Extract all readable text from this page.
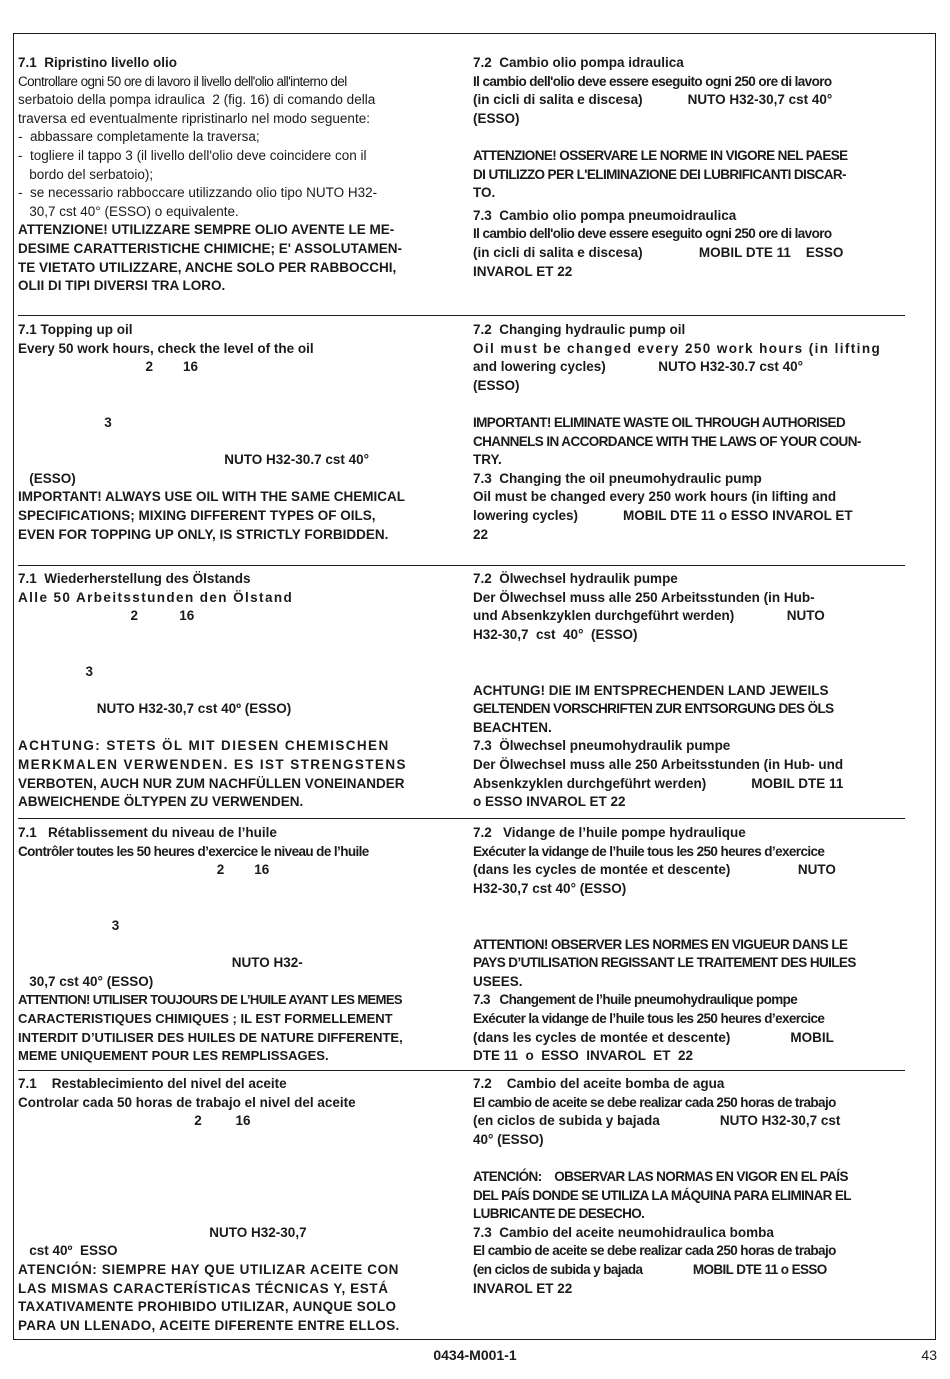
7.1  Ripristino livello olio
Controllare ogni 50 ore di lavoro il livello dell'olio all'interno del
serbatoio della pompa idraulica  2 (fig. 16) di comando della
traversa ed eventualmente ripristinarlo nel modo seguente:
-  abbassare completamente la traversa;
-  togliere il tappo 3 (il livello dell'olio deve coincidere con il
bordo del serbatoio);
-  se necessario rabboccare utilizzando olio tipo NUTO H32-
30,7 cst 40° (ESSO) o equivalente.
ATTENZIONE! UTILIZZARE SEMPRE OLIO AVENTE LE ME-
DESIME CARATTERISTICHE CHIMICHE; E' ASSOLUTAMEN-
TE VIETATO UTILIZZARE, ANCHE SOLO PER RABBOCCHI,
OLII DI TIPI DIVERSI TRA LORO.
7.2  Cambio olio pompa idraulica
Il cambio dell'olio deve essere eseguito ogni 250 ore di lavoro
(in cicli di salita e discesa)            NUTO H32-30,7 cst 40°
(ESSO)
ATTENZIONE! OSSERVARE LE NORME IN VIGORE NEL PAESE
DI UTILIZZO PER L'ELIMINAZIONE DEI LUBRIFICANTI DISCAR-
TO.
7.3  Cambio olio pompa pneumoidraulica
Il cambio dell'olio deve essere eseguito ogni 250 ore di lavoro
(in cicli di salita e discesa)               MOBIL DTE 11    ESSO
INVAROL ET 22
7.1 Topping up oil
Every 50 work hours, check the level of the oil
2        16
3
NUTO H32-30.7 cst 40°
(ESSO)
IMPORTANT! ALWAYS USE OIL WITH THE SAME CHEMICAL
SPECIFICATIONS; MIXING DIFFERENT TYPES OF OILS,
EVEN FOR TOPPING UP ONLY, IS STRICTLY FORBIDDEN.
7.2  Changing hydraulic pump oil
Oil must be changed every 250 work hours (in lifting
and lowering cycles)              NUTO H32-30.7 cst 40°
(ESSO)
IMPORTANT! ELIMINATE WASTE OIL THROUGH AUTHORISED
CHANNELS IN ACCORDANCE WITH THE LAWS OF YOUR COUN-
TRY.
7.3  Changing the oil pneumohydraulic pump
Oil must be changed every 250 work hours (in lifting and
lowering cycles)            MOBIL DTE 11 o ESSO INVAROL ET
22
7.1  Wiederherstellung des Ölstands
Alle 50 Arbeitsstunden den Ölstand
2           16
3
NUTO H32-30,7 cst 40º (ESSO)
ACHTUNG: STETS ÖL MIT DIESEN CHEMISCHEN
MERKMALEN VERWENDEN. ES IST STRENGSTENS
VERBOTEN, AUCH NUR ZUM NACHFÜLLEN VONEINANDER
ABWEICHENDE ÖLTYPEN ZU VERWENDEN.
7.2  Ölwechsel hydraulik pumpe
Der Ölwechsel muss alle 250 Arbeitsstunden (in Hub-
und Absenkzyklen durchgeführt werden)              NUTO
H32-30,7  cst  40°  (ESSO)
ACHTUNG! DIE IM ENTSPRECHENDEN LAND JEWEILS
GELTENDEN VORSCHRIFTEN ZUR ENTSORGUNG DES ÖLS
BEACHTEN.
7.3  Ölwechsel pneumohydraulik pumpe
Der Ölwechsel muss alle 250 Arbeitsstunden (in Hub- und
Absenkzyklen durchgeführt werden)            MOBIL DTE 11
o ESSO INVAROL ET 22
7.1   Rétablissement du niveau de l’huile
Contrôler toutes les 50 heures d’exercice le niveau de l’huile
2        16
3
NUTO H32-
30,7 cst 40° (ESSO)
ATTENTION! UTILISER TOUJOURS DE L’HUILE AYANT LES MEMES
CARACTERISTIQUES CHIMIQUES ; IL EST FORMELLEMENT
INTERDIT D’UTILISER DES HUILES DE NATURE DIFFERENTE,
MEME UNIQUEMENT POUR LES REMPLISSAGES.
7.2   Vidange de l’huile pompe hydraulique
Exécuter la vidange de l’huile tous les 250 heures d’exercice
(dans les cycles de montée et descente)                  NUTO
H32-30,7 cst 40° (ESSO)
ATTENTION! OBSERVER LES NORMES EN VIGUEUR DANS LE
PAYS D’UTILISATION REGISSANT LE TRAITEMENT DES HUILES
USEES.
7.3   Changement de l’huile pneumohydraulique pompe
Exécuter la vidange de l’huile tous les 250 heures d’exercice
(dans les cycles de montée et descente)                MOBIL
DTE 11  o  ESSO  INVAROL  ET  22
7.1    Restablecimiento del nivel del aceite
Controlar cada 50 horas de trabajo el nivel del aceite
2         16
NUTO H32-30,7
cst 40º  ESSO
ATENCIÓN: SIEMPRE HAY QUE UTILIZAR ACEITE CON
LAS MISMAS CARACTERÍSTICAS TÉCNICAS Y, ESTÁ
TAXATIVAMENTE PROHIBIDO UTILIZAR, AUNQUE SOLO
PARA UN LLENADO, ACEITE DIFERENTE ENTRE ELLOS.
7.2    Cambio del aceite bomba de agua
El cambio de aceite se debe realizar cada 250 horas de trabajo
(en ciclos de subida y bajada                NUTO H32-30,7 cst
40° (ESSO)
ATENCIÓN:    OBSERVAR LAS NORMAS EN VIGOR EN EL PAÍS
DEL PAÍS DONDE SE UTILIZA LA MÁQUINA PARA ELIMINAR EL
LUBRICANTE DE DESECHO.
7.3  Cambio del aceite neumohidraulica bomba
El cambio de aceite se debe realizar cada 250 horas de trabajo
(en ciclos de subida y bajada                MOBIL DTE 11 o ESSO
INVAROL ET 22
0434-M001-1	43
